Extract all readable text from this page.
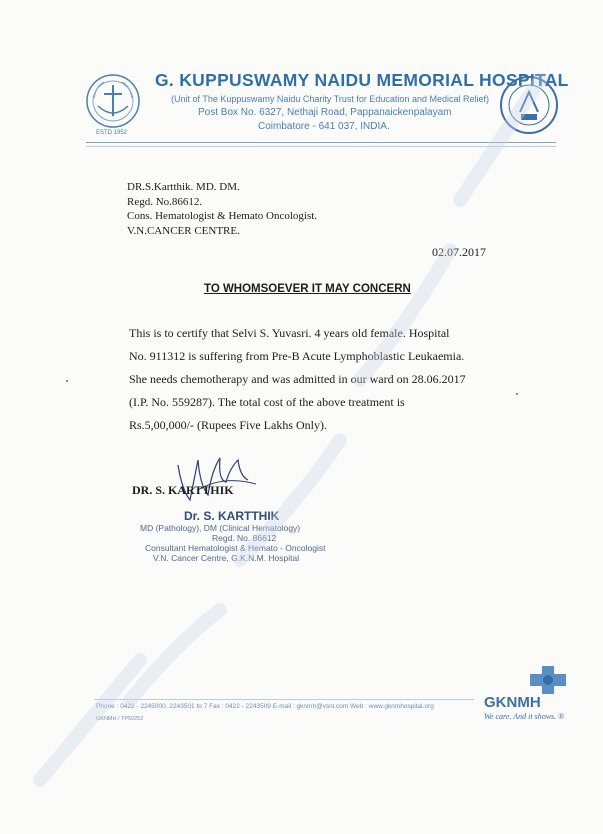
ESTD 1952
G. KUPPUSWAMY NAIDU MEMORIAL HOSPITAL
(Unit of The Kuppuswamy Naidu Charity Trust for Education and Medical Relief)
Post Box No. 6327, Nethaji Road, Pappanaickenpalayam
Coimbatore - 641 037, INDIA.
DR.S.Kartthik. MD. DM.
Regd. No.86612.
Cons. Hematologist & Hemato Oncologist.
V.N.CANCER CENTRE.
02.07.2017
TO WHOMSOEVER IT MAY CONCERN

This is to certify that Selvi S. Yuvasri. 4 years old female. Hospital

No. 911312 is suffering from Pre-B Acute Lymphoblastic Leukaemia.

She needs chemotherapy and was admitted in our ward on 28.06.2017

(I.P. No. 559287). The total cost of the above treatment is

Rs.5,00,000/- (Rupees Five Lakhs Only).

DR. S. KARTTHIK
Dr. S. KARTTHIK
MD (Pathology), DM (Clinical Hematology)
Regd. No. 86612
Consultant Hematologist & Hemato - Oncologist
V.N. Cancer Centre, G.K.N.M. Hospital
Phone : 0422 - 2245000, 2243501 to 7 Fax : 0422 - 2243509 E-mail : gknmh@vsnl.com Web : www.gknmhospital.org
GKNMH / TP50252
GKNMH
We care. And it shows. ®
